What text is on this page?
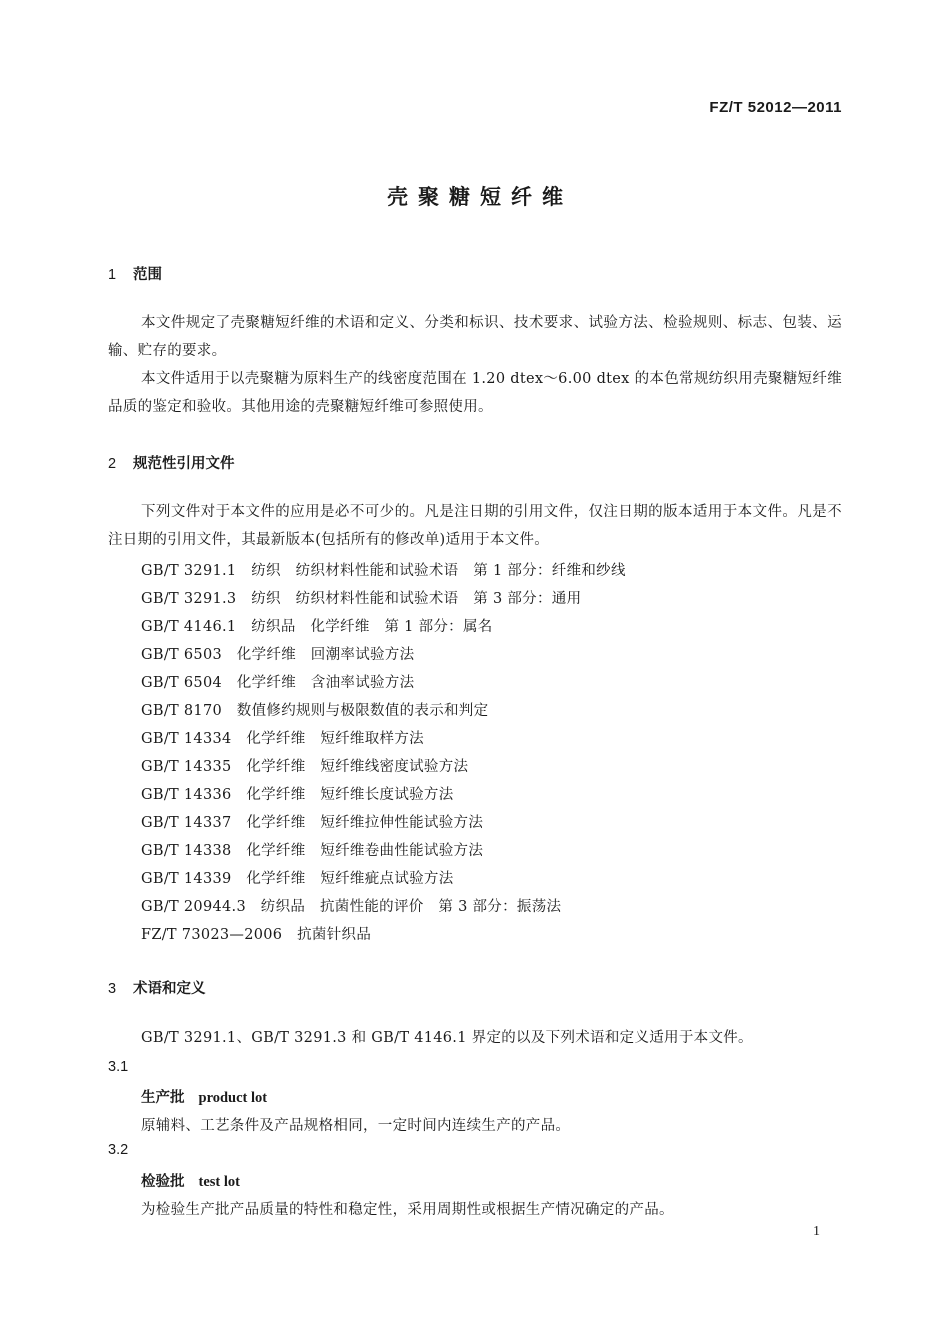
FZ/T 52012—2011
壳聚糖短纤维
1 范围
本文件规定了壳聚糖短纤维的术语和定义、分类和标识、技术要求、试验方法、检验规则、标志、包装、运输、贮存的要求。
本文件适用于以壳聚糖为原料生产的线密度范围在 1.20 dtex～6.00 dtex 的本色常规纺织用壳聚糖短纤维品质的鉴定和验收。其他用途的壳聚糖短纤维可参照使用。
2 规范性引用文件
下列文件对于本文件的应用是必不可少的。凡是注日期的引用文件，仅注日期的版本适用于本文件。凡是不注日期的引用文件，其最新版本(包括所有的修改单)适用于本文件。
GB/T 3291.1　纺织　纺织材料性能和试验术语　第 1 部分：纤维和纱线
GB/T 3291.3　纺织　纺织材料性能和试验术语　第 3 部分：通用
GB/T 4146.1　纺织品　化学纤维　第 1 部分：属名
GB/T 6503　化学纤维　回潮率试验方法
GB/T 6504　化学纤维　含油率试验方法
GB/T 8170　数值修约规则与极限数值的表示和判定
GB/T 14334　化学纤维　短纤维取样方法
GB/T 14335　化学纤维　短纤维线密度试验方法
GB/T 14336　化学纤维　短纤维长度试验方法
GB/T 14337　化学纤维　短纤维拉伸性能试验方法
GB/T 14338　化学纤维　短纤维卷曲性能试验方法
GB/T 14339　化学纤维　短纤维疵点试验方法
GB/T 20944.3　纺织品　抗菌性能的评价　第 3 部分：振荡法
FZ/T 73023—2006　抗菌针织品
3 术语和定义
GB/T 3291.1、GB/T 3291.3 和 GB/T 4146.1 界定的以及下列术语和定义适用于本文件。
3.1
生产批 product lot
原辅料、工艺条件及产品规格相同，一定时间内连续生产的产品。
3.2
检验批 test lot
为检验生产批产品质量的特性和稳定性，采用周期性或根据生产情况确定的产品。
1
